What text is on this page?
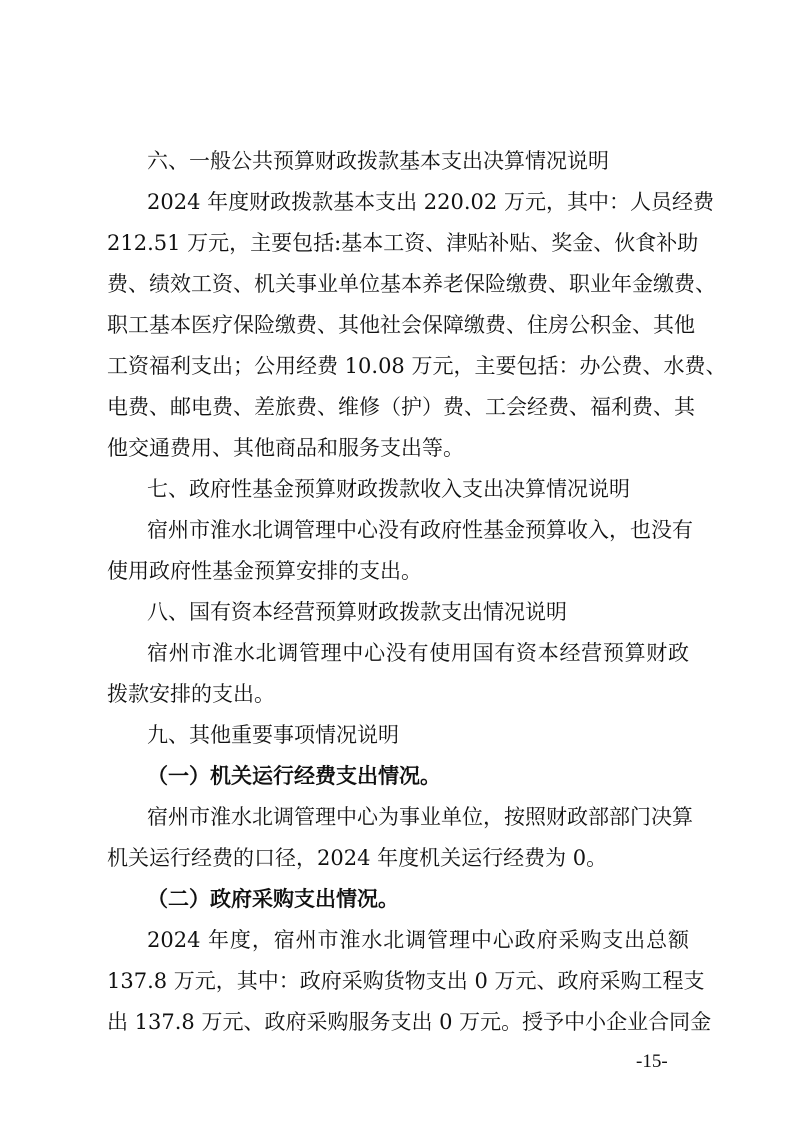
六、一般公共预算财政拨款基本支出决算情况说明
2024 年度财政拨款基本支出 220.02 万元，其中：人员经费
212.51 万元，主要包括:基本工资、津贴补贴、奖金、伙食补助
费、绩效工资、机关事业单位基本养老保险缴费、职业年金缴费、
职工基本医疗保险缴费、其他社会保障缴费、住房公积金、其他
工资福利支出；公用经费 10.08 万元，主要包括：办公费、水费、
电费、邮电费、差旅费、维修（护）费、工会经费、福利费、其
他交通费用、其他商品和服务支出等。
七、政府性基金预算财政拨款收入支出决算情况说明
宿州市淮水北调管理中心没有政府性基金预算收入，也没有
使用政府性基金预算安排的支出。
八、国有资本经营预算财政拨款支出情况说明
宿州市淮水北调管理中心没有使用国有资本经营预算财政
拨款安排的支出。
九、其他重要事项情况说明
（一）机关运行经费支出情况。
宿州市淮水北调管理中心为事业单位，按照财政部部门决算
机关运行经费的口径，2024 年度机关运行经费为 0。
（二）政府采购支出情况。
2024 年度，宿州市淮水北调管理中心政府采购支出总额
137.8 万元，其中：政府采购货物支出 0 万元、政府采购工程支
出 137.8 万元、政府采购服务支出 0 万元。授予中小企业合同金
-15-
